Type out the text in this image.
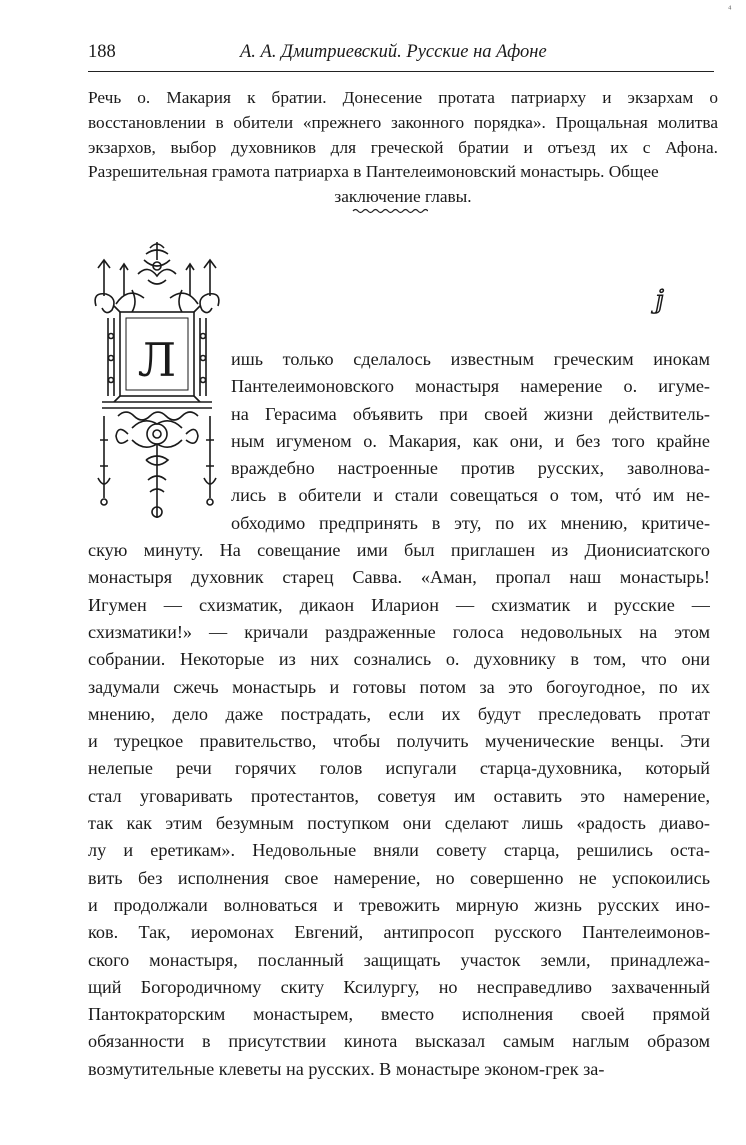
⁴
188	А. А. Дмитриевский. Русские на Афоне
Речь о. Макария к братии. Донесение протата патриарху и экзархам о восстановлении в обители «прежнего законного порядка». Прощальная молитва экзархов, выбор духовников для греческой братии и отъезд их с Афона. Разрешительная грамота патриарха в Пантелеимоновский монастырь. Общее
заключение главы.
ⅉ
Л	ишь только сделалось известным греческим инокам
Пантелеимоновского монастыря намерение о. игуме-
на Герасима объявить при своей жизни действитель-
ным игуменом о. Макария, как они, и без того крайне
враждебно настроенные против русских, заволнова-
лись в обители и стали совещаться о том, чтó им не-
обходимо предпринять в эту, по их мнению, критиче-
скую минуту. На совещание ими был приглашен из Дионисиатского
монастыря духовник старец Савва. «Аман, пропал наш монастырь!
Игумен — схизматик, дикаон Иларион — схизматик и русские —
схизматики!» — кричали раздраженные голоса недовольных на этом
собрании. Некоторые из них сознались о. духовнику в том, что они
задумали сжечь монастырь и готовы потом за это богоугодное, по их
мнению, дело даже пострадать, если их будут преследовать протат
и турецкое правительство, чтобы получить мученические венцы. Эти
нелепые речи горячих голов испугали старца-духовника, который
стал уговаривать протестантов, советуя им оставить это намерение,
так как этим безумным поступком они сделают лишь «радость диаво-
лу и еретикам». Недовольные вняли совету старца, решились оста-
вить без исполнения свое намерение, но совершенно не успокоились
и продолжали волноваться и тревожить мирную жизнь русских ино-
ков. Так, иеромонах Евгений, антипросоп русского Пантелеимонов-
ского монастыря, посланный защищать участок земли, принадлежа-
щий Богородичному скиту Ксилургу, но несправедливо захваченный
Пантократорским монастырем, вместо исполнения своей прямой
обязанности в присутствии кинота высказал самым наглым образом
возмутительные клеветы на русских. В монастыре эконом-грек за-
